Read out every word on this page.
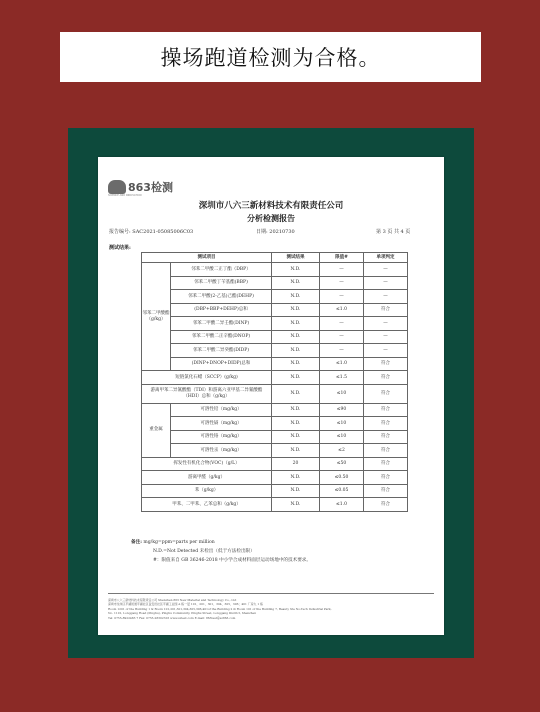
操场跑道检测为合格。
863检测
SCIENCE AND INNOVATION
深圳市八六三新材料技术有限责任公司
分析检测报告
报告编号: SAC2021-05085006C03	日期: 20210730	第 3 页 共 4 页
测试结果:
测试项目		测试结果	限值#	单项判定
邻苯二甲酸酯（g/kg）	邻苯二甲酸二正丁酯（DBP）	N.D.	—	—
	邻苯二甲酸丁苄基酯(BBP)	N.D.	—	—
	邻苯二甲酸(2-乙基)己酯(DEHP)	N.D.	—	—
	(DBP+BBP+DEHP)总和	N.D.	≤1.0	符合
	邻苯二甲酸二异壬酯(DINP)	N.D.	—	—
	邻苯二甲酸二正辛酯(DNOP)	N.D.	—	—
	邻苯二甲酸二异癸酯(DIDP)	N.D.	—	—
	(DINP+DNOP+DIDP)总和	N.D.	≤1.0	符合
短链氯化石蜡（SCCP）(g/kg)		N.D.	≤1.5	符合
游离甲苯二异氰酸酯（TDI）和游离六亚甲基二异氰酸酯（HDI）总和（g/kg）		N.D.	≤10	符合
重金属	可溶性铅（mg/kg）	N.D.	≤90	符合
	可溶性镉（mg/kg）	N.D.	≤10	符合
	可溶性铬（mg/kg）	N.D.	≤10	符合
	可溶性汞（mg/kg）	N.D.	≤2	符合
挥发性有机化合物(VOC)（g/L）		20	≤50	符合
游离甲醛（g/kg）		N.D.	≤0.50	符合
苯（g/kg）		N.D.	≤0.05	符合
甲苯、二甲苯、乙苯总和（g/kg）		N.D.	≤1.0	符合
备注: mg/kg=ppm=parts per million
N.D.=Not Detected 未检出（低于方法检出限）
#：限值来自 GB 36246-2018 中小学合成材料面层运动场地中的技术要求。
深圳市八六三新材料技术有限责任公司 Shenzhen 863 New Material and Technology Co., Ltd
深圳市龙岗区平湖街道平湖社区良安田社区平湖工业园 A 栋一层 101、201、301、304、305、306；401 厂房九 1 栋
Room 1201 of the Building 1 & Room 101,201,301,304,305,306,401of the Building 2 & Room 101 of the Building 7, Beauty Ste No-Tech Industrial Park,
No. 1101, Longgang Road (Pinghu), Pinghu Community, Pinghu Street, Longgang District, Shenzhen
Tel: 0755-8922483 7 Fax: 0755-28302316 www.sztest.com E-mail: 863test@sz863.com
